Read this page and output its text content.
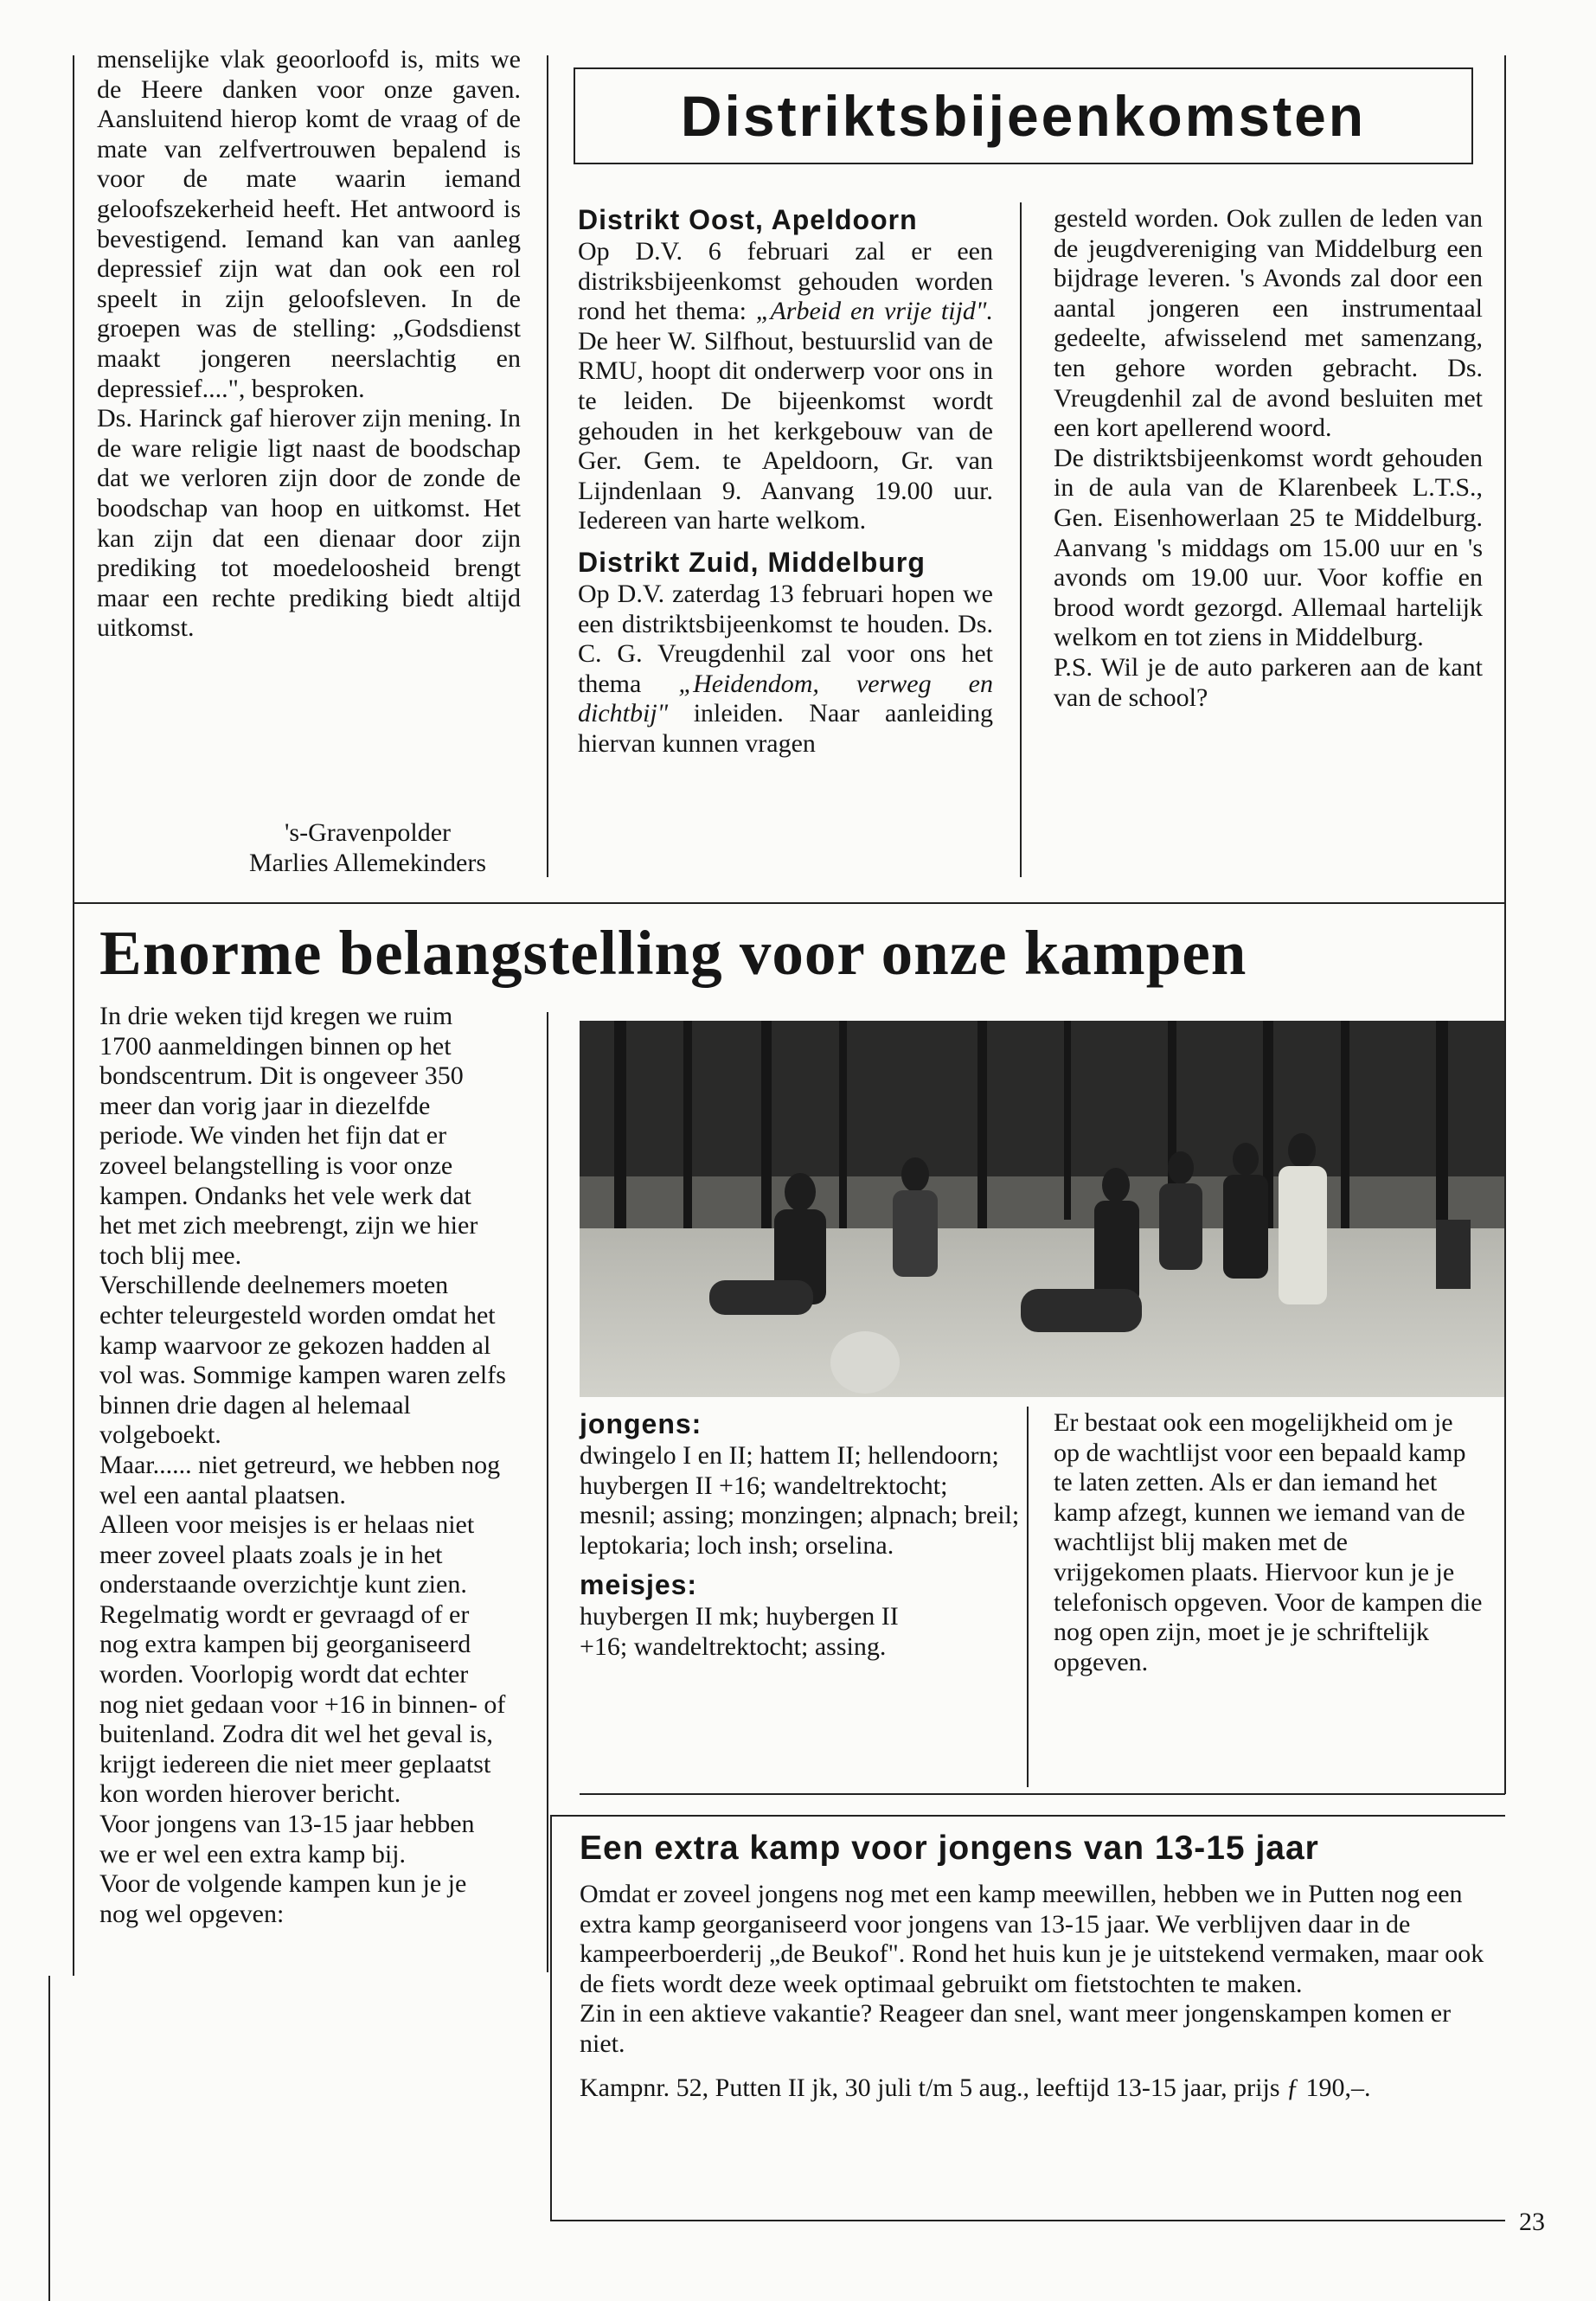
menselijke vlak geoorloofd is, mits we de Heere danken voor onze gaven. Aansluitend hierop komt de vraag of de mate van zelfvertrouwen bepalend is voor de mate waarin iemand geloofszekerheid heeft. Het antwoord is bevestigend. Iemand kan van aanleg depressief zijn wat dan ook een rol speelt in zijn geloofsleven. In de groepen was de stelling: „Godsdienst maakt jongeren neerslachtig en depressief....", besproken.

Ds. Harinck gaf hierover zijn mening. In de ware religie ligt naast de boodschap dat we verloren zijn door de zonde de boodschap van hoop en uitkomst. Het kan zijn dat een dienaar door zijn prediking tot moedeloosheid brengt maar een rechte prediking biedt altijd uitkomst.

's-Gravenpolder
Marlies Allemekinders
Distriktsbijeenkomsten
Distrikt Oost, Apeldoorn
Op D.V. 6 februari zal er een distriksbijeenkomst gehouden worden rond het thema: „Arbeid en vrije tijd". De heer W. Silfhout, bestuurslid van de RMU, hoopt dit onderwerp voor ons in te leiden. De bijeenkomst wordt gehouden in het kerkgebouw van de Ger. Gem. te Apeldoorn, Gr. van Lijndenlaan 9. Aanvang 19.00 uur. Iedereen van harte welkom.
Distrikt Zuid, Middelburg
Op D.V. zaterdag 13 februari hopen we een distriktsbijeenkomst te houden. Ds. C. G. Vreugdenhil zal voor ons het thema „Heidendom, verweg en dichtbij" inleiden. Naar aanleiding hiervan kunnen vragen

gesteld worden. Ook zullen de leden van de jeugdvereniging van Middelburg een bijdrage leveren. 's Avonds zal door een aantal jongeren een instrumentaal gedeelte, afwisselend met samenzang, ten gehore worden gebracht. Ds. Vreugdenhil zal de avond besluiten met een kort apellerend woord.

De distriktsbijeenkomst wordt gehouden in de aula van de Klarenbeek L.T.S., Gen. Eisenhowerlaan 25 te Middelburg. Aanvang 's middags om 15.00 uur en 's avonds om 19.00 uur. Voor koffie en brood wordt gezorgd. Allemaal hartelijk welkom en tot ziens in Middelburg.

P.S. Wil je de auto parkeren aan de kant van de school?

Enorme belangstelling voor onze kampen

In drie weken tijd kregen we ruim 1700 aanmeldingen binnen op het bondscentrum. Dit is ongeveer 350 meer dan vorig jaar in diezelfde periode. We vinden het fijn dat er zoveel belangstelling is voor onze kampen. Ondanks het vele werk dat het met zich meebrengt, zijn we hier toch blij mee.

Verschillende deelnemers moeten echter teleurgesteld worden omdat het kamp waarvoor ze gekozen hadden al vol was. Sommige kampen waren zelfs binnen drie dagen al helemaal volgeboekt.

Maar...... niet getreurd, we hebben nog wel een aantal plaatsen.

Alleen voor meisjes is er helaas niet meer zoveel plaats zoals je in het onderstaande overzichtje kunt zien. Regelmatig wordt er gevraagd of er nog extra kampen bij georganiseerd worden. Voorlopig wordt dat echter nog niet gedaan voor +16 in binnen- of buitenland. Zodra dit wel het geval is, krijgt iedereen die niet meer geplaatst kon worden hierover bericht.

Voor jongens van 13-15 jaar hebben we er wel een extra kamp bij.

Voor de volgende kampen kun je je nog wel opgeven:

jongens:
dwingelo I en II; hattem II; hellendoorn; huybergen II +16; wandeltrektocht; mesnil; assing; monzingen; alpnach; breil; leptokaria; loch insh; orselina.
meisjes:
huybergen II mk; huybergen II +16; wandeltrektocht; assing.
Er bestaat ook een mogelijkheid om je op de wachtlijst voor een bepaald kamp te laten zetten. Als er dan iemand het kamp afzegt, kunnen we iemand van de wachtlijst blij maken met de vrijgekomen plaats. Hiervoor kun je je telefonisch opgeven. Voor de kampen die nog open zijn, moet je je schriftelijk opgeven.
Een extra kamp voor jongens van 13-15 jaar

Omdat er zoveel jongens nog met een kamp meewillen, hebben we in Putten nog een extra kamp georganiseerd voor jongens van 13-15 jaar. We verblijven daar in de kampeerboerderij „de Beukof". Rond het huis kun je je uitstekend vermaken, maar ook de fiets wordt deze week optimaal gebruikt om fietstochten te maken.

Zin in een aktieve vakantie? Reageer dan snel, want meer jongenskampen komen er niet.

Kampnr. 52, Putten II jk, 30 juli t/m 5 aug., leeftijd 13-15 jaar, prijs ƒ 190,–.
23
